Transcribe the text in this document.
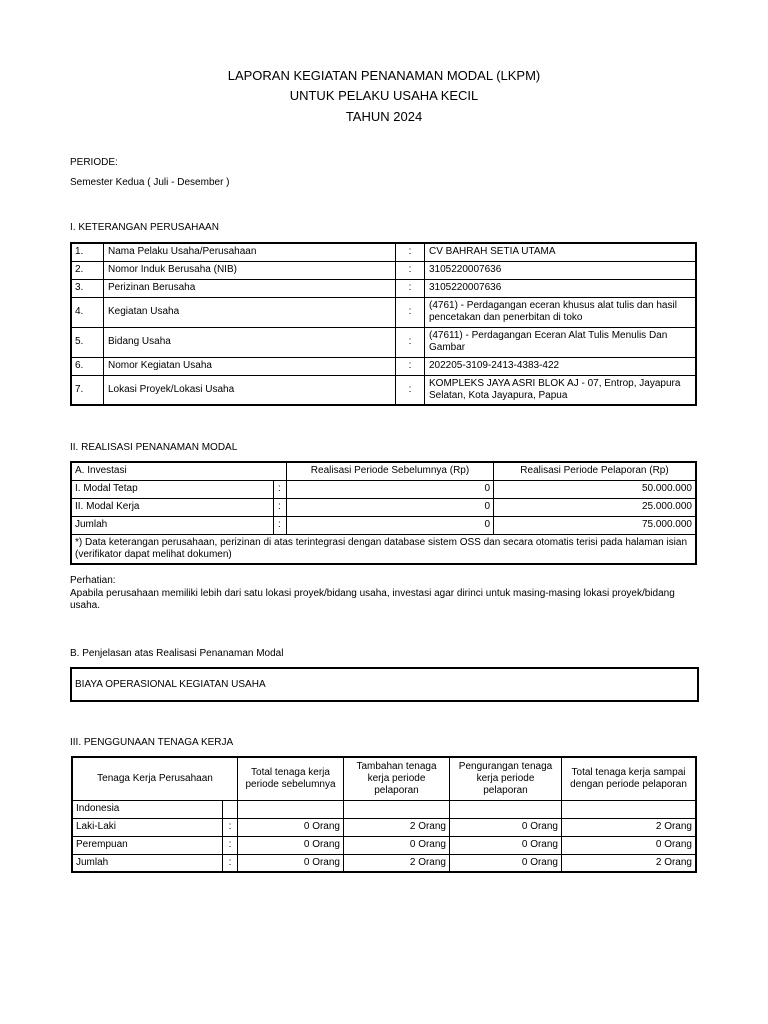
LAPORAN KEGIATAN PENANAMAN MODAL (LKPM)
UNTUK PELAKU USAHA KECIL
TAHUN 2024
PERIODE:
Semester Kedua ( Juli - Desember )
I. KETERANGAN PERUSAHAAN
1.	Nama Pelaku Usaha/Perusahaan	:	CV BAHRAH SETIA UTAMA
2.	Nomor Induk Berusaha (NIB)	:	3105220007636
3.	Perizinan Berusaha	:	3105220007636
4.	Kegiatan Usaha	:	(4761) - Perdagangan eceran khusus alat tulis dan hasil pencetakan dan penerbitan di toko
5.	Bidang Usaha	:	(47611) - Perdagangan Eceran Alat Tulis Menulis Dan Gambar
6.	Nomor Kegiatan Usaha	:	202205-3109-2413-4383-422
7.	Lokasi Proyek/Lokasi Usaha	:	KOMPLEKS JAYA ASRI BLOK AJ - 07, Entrop, Jayapura Selatan, Kota Jayapura, Papua
II. REALISASI PENANAMAN MODAL
A. Investasi		Realisasi Periode Sebelumnya (Rp)	Realisasi Periode Pelaporan (Rp)
I. Modal Tetap	:	0	50.000.000
II. Modal Kerja	:	0	25.000.000
Jumlah	:	0	75.000.000
*) Data keterangan perusahaan, perizinan di atas terintegrasi dengan database sistem OSS dan secara otomatis terisi pada halaman isian (verifikator dapat melihat dokumen)			
Perhatian:
Apabila perusahaan memiliki lebih dari satu lokasi proyek/bidang usaha, investasi agar dirinci untuk masing-masing lokasi proyek/bidang usaha.
B. Penjelasan atas Realisasi Penanaman Modal
BIAYA OPERASIONAL KEGIATAN USAHA
III. PENGGUNAAN TENAGA KERJA
Tenaga Kerja Perusahaan		Total tenaga kerja periode sebelumnya	Tambahan tenaga kerja periode pelaporan	Pengurangan tenaga kerja periode pelaporan	Total tenaga kerja sampai dengan periode pelaporan
Indonesia					
Laki-Laki	:	0 Orang	2 Orang	0 Orang	2 Orang
Perempuan	:	0 Orang	0 Orang	0 Orang	0 Orang
Jumlah	:	0 Orang	2 Orang	0 Orang	2 Orang
